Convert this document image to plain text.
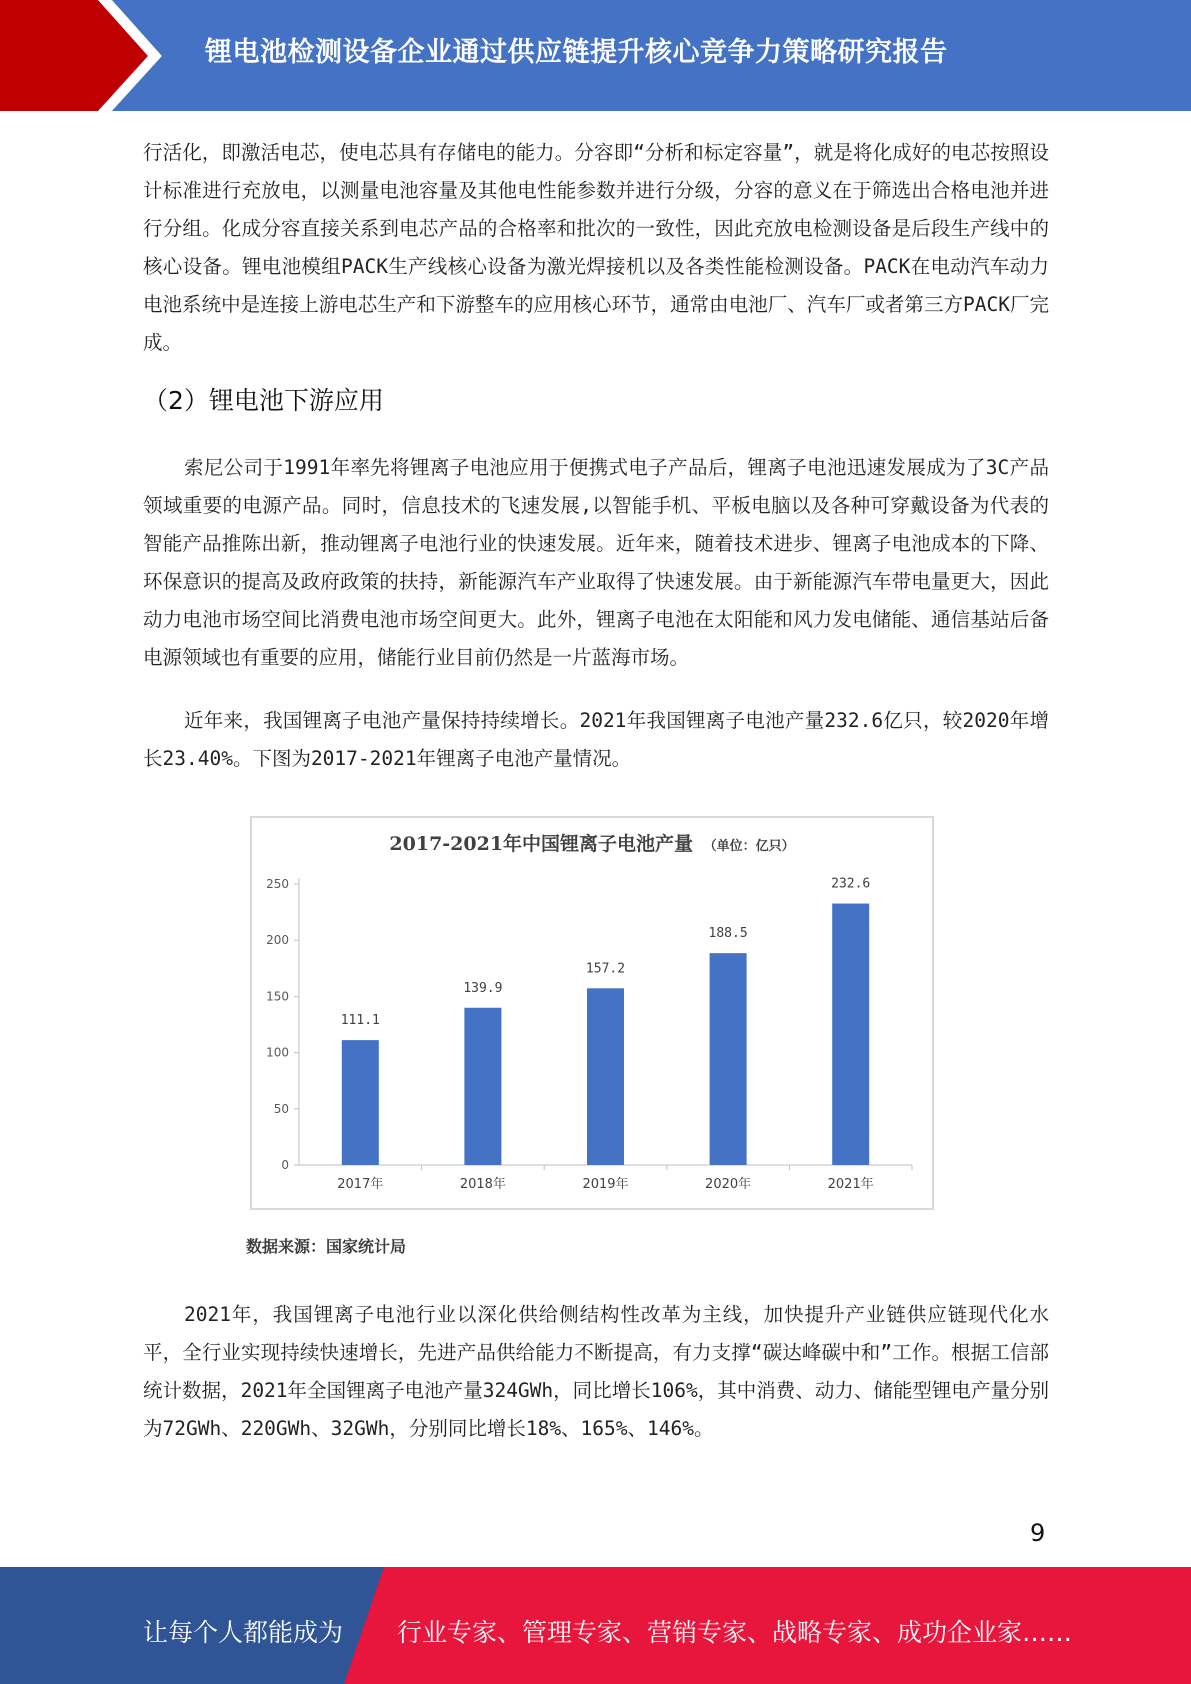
锂电池检测设备企业通过供应链提升核心竞争力策略研究报告

行活化，即激活电芯，使电芯具有存储电的能力。分容即“分析和标定容量”，就是将化成好的电芯按照设计标准进行充放电，以测量电池容量及其他电性能参数并进行分级，分容的意义在于筛选出合格电池并进行分组。化成分容直接关系到电芯产品的合格率和批次的一致性，因此充放电检测设备是后段生产线中的核心设备。锂电池模组PACK生产线核心设备为激光焊接机以及各类性能检测设备。PACK在电动汽车动力电池系统中是连接上游电芯生产和下游整车的应用核心环节，通常由电池厂、汽车厂或者第三方PACK厂完成。

（2）锂电池下游应用

索尼公司于1991年率先将锂离子电池应用于便携式电子产品后，锂离子电池迅速发展成为了3C产品领域重要的电源产品。同时，信息技术的飞速发展,以智能手机、平板电脑以及各种可穿戴设备为代表的智能产品推陈出新，推动锂离子电池行业的快速发展。近年来，随着技术进步、锂离子电池成本的下降、环保意识的提高及政府政策的扶持，新能源汽车产业取得了快速发展。由于新能源汽车带电量更大，因此动力电池市场空间比消费电池市场空间更大。此外，锂离子电池在太阳能和风力发电储能、通信基站后备电源领域也有重要的应用，储能行业目前仍然是一片蓝海市场。

近年来，我国锂离子电池产量保持持续增长。2021年我国锂离子电池产量232.6亿只，较2020年增长23.40%。下图为2017-2021年锂离子电池产量情况。

2017-2021年中国锂离子电池产量 （单位：亿只）
0
50
100
150
200
250
111.1
2017年
139.9
2018年
157.2
2019年
188.5
2020年
232.6
2021年
数据来源：国家统计局

2021年，我国锂离子电池行业以深化供给侧结构性改革为主线，加快提升产业链供应链现代化水平，全行业实现持续快速增长，先进产品供给能力不断提高，有力支撑“碳达峰碳中和”工作。根据工信部统计数据，2021年全国锂离子电池产量324GWh，同比增长106%，其中消费、动力、储能型锂电产量分别为72GWh、220GWh、32GWh，分别同比增长18%、165%、146%。

9
让每个人都能成为 行业专家、管理专家、营销专家、战略专家、成功企业家……
